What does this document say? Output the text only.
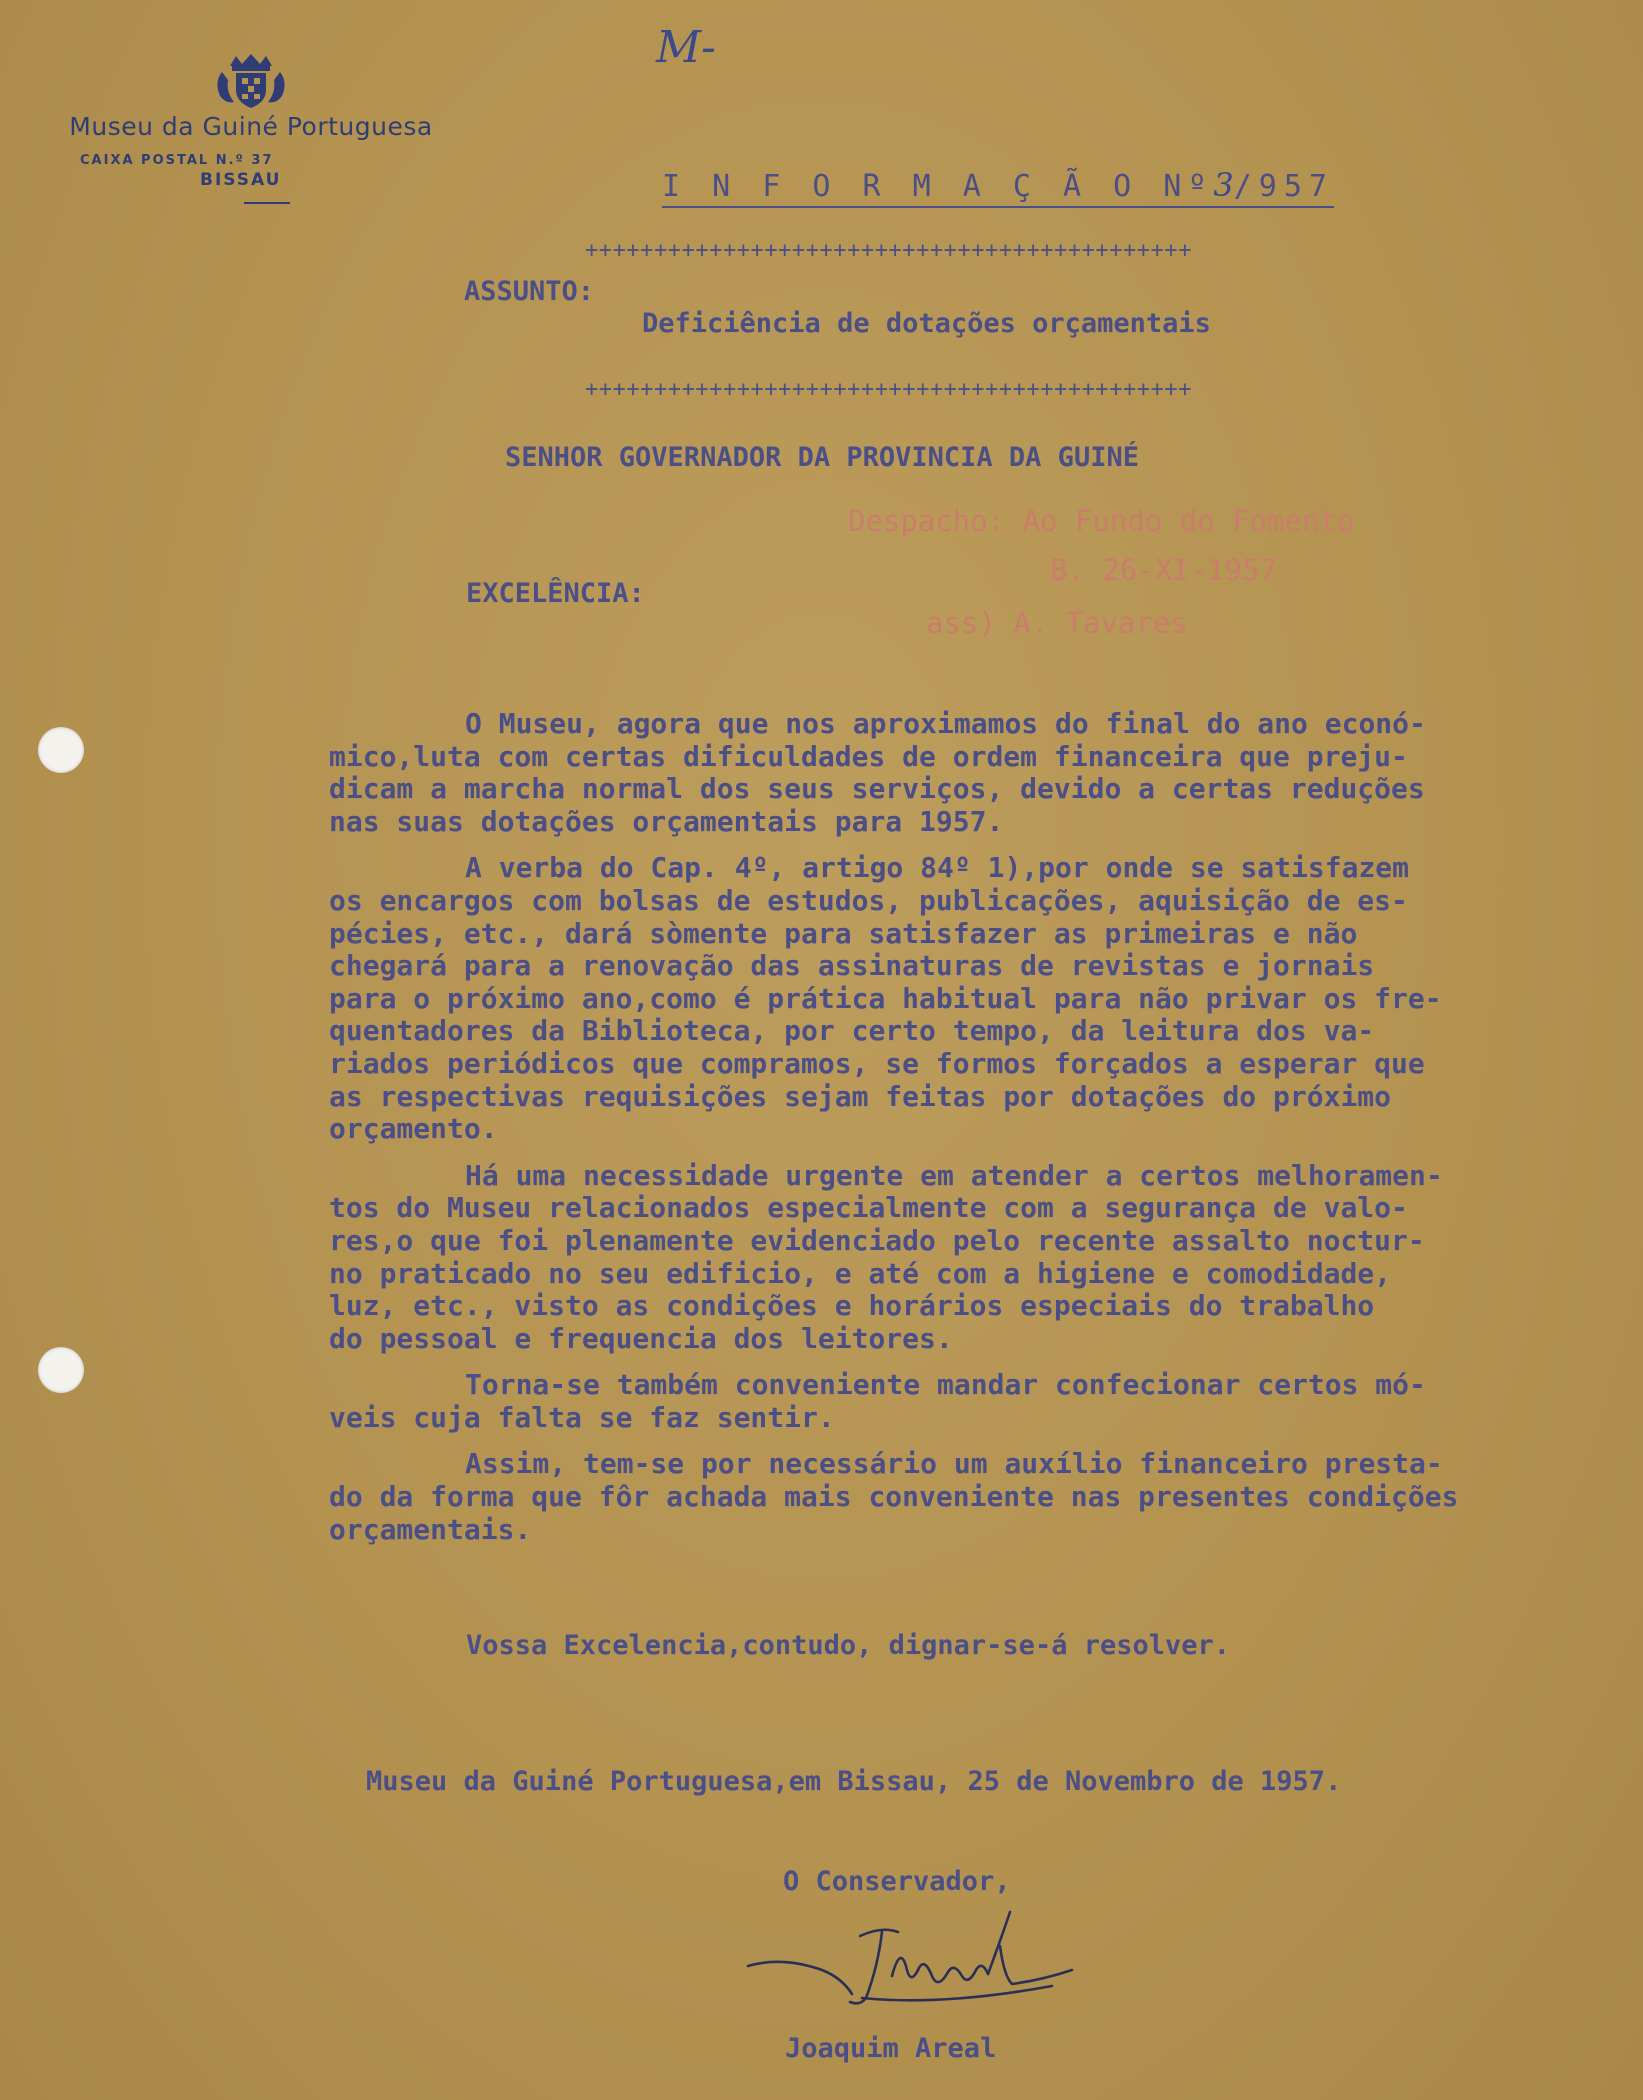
M-
Museu da Guiné Portuguesa
CAIXA POSTAL N.º 37
BISSAU	I N F O R M A Ç Ã O Nº3/957
++++++++++++++++++++++++++++++++++++++++++++
ASSUNTO:
Deficiência de dotações orçamentais
++++++++++++++++++++++++++++++++++++++++++++
SENHOR GOVERNADOR DA PROVINCIA DA GUINÉ
Despacho: Ao Fundo do Fomento
B. 26-XI-1957
ass) A. Tavares
EXCELÊNCIA:

O Museu, agora que nos aproximamos do final do ano econó-
mico,luta com certas dificuldades de ordem financeira que preju-
dicam a marcha normal dos seus serviços, devido a certas reduções
nas suas dotações orçamentais para 1957.

A verba do Cap. 4º, artigo 84º 1),por onde se satisfazem
os encargos com bolsas de estudos, publicações, aquisição de es-
pécies, etc., dará sòmente para satisfazer as primeiras e não
chegará para a renovação das assinaturas de revistas e jornais
para o próximo ano,como é prática habitual para não privar os fre-
quentadores da Biblioteca, por certo tempo, da leitura dos va-
riados periódicos que compramos, se formos forçados a esperar que
as respectivas requisições sejam feitas por dotações do próximo
orçamento.

Há uma necessidade urgente em atender a certos melhoramen-
tos do Museu relacionados especialmente com a segurança de valo-
res,o que foi plenamente evidenciado pelo recente assalto noctur-
no praticado no seu edificio, e até com a higiene e comodidade,
luz, etc., visto as condições e horários especiais do trabalho
do pessoal e frequencia dos leitores.

Torna-se também conveniente mandar confecionar certos mó-
veis cuja falta se faz sentir.

Assim, tem-se por necessário um auxílio financeiro presta-
do da forma que fôr achada mais conveniente nas presentes condições
orçamentais.

Vossa Excelencia,contudo, dignar-se-á resolver.
Museu da Guiné Portuguesa,em Bissau, 25 de Novembro de 1957.
O Conservador,
Joaquim Areal
